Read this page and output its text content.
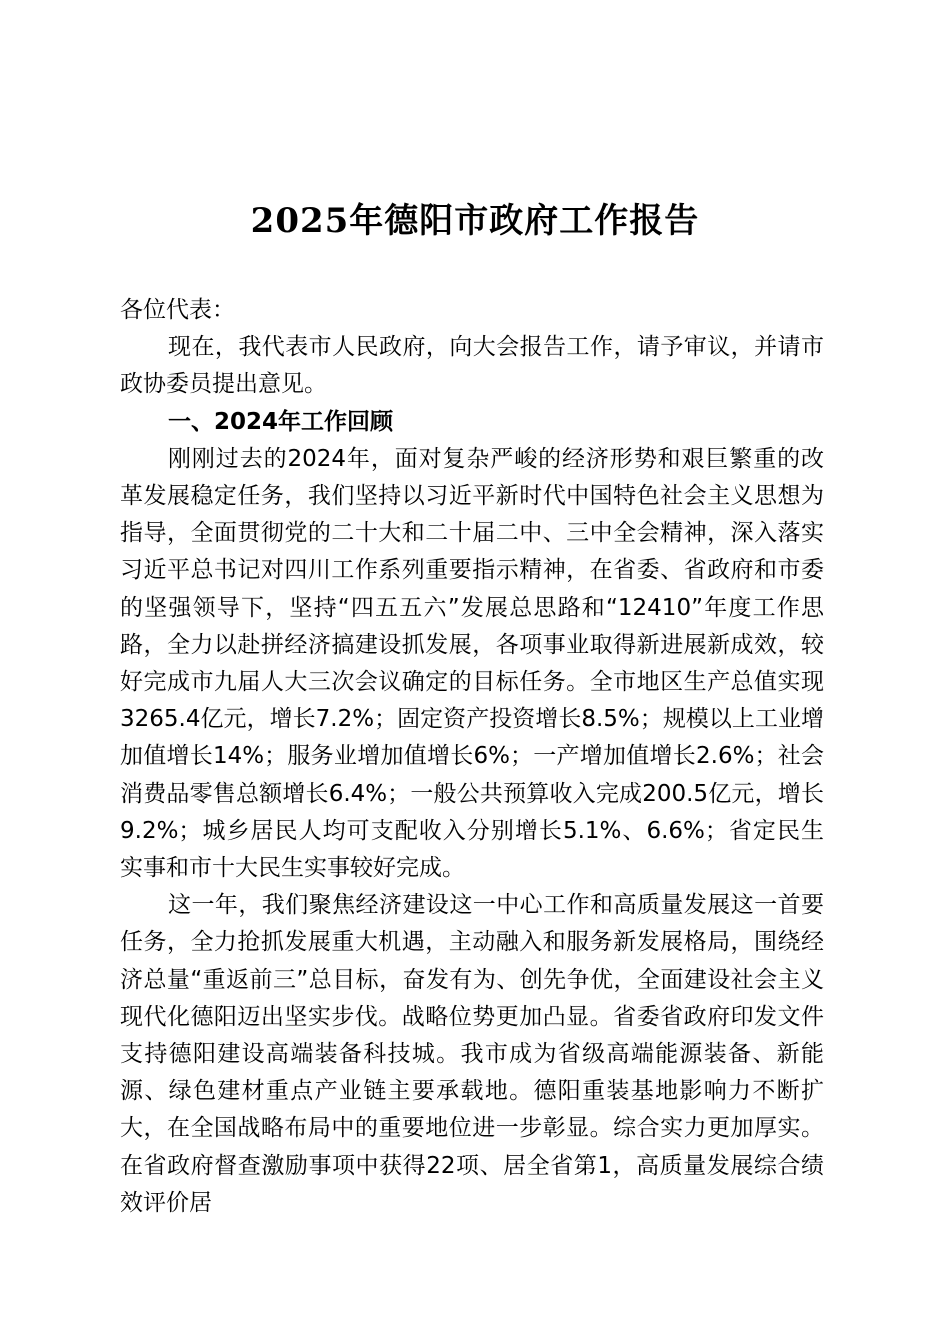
2025年德阳市政府工作报告

各位代表：

现在，我代表市人民政府，向大会报告工作，请予审议，并请市政协委员提出意见。

一、2024年工作回顾

刚刚过去的2024年，面对复杂严峻的经济形势和艰巨繁重的改革发展稳定任务，我们坚持以习近平新时代中国特色社会主义思想为指导，全面贯彻党的二十大和二十届二中、三中全会精神，深入落实习近平总书记对四川工作系列重要指示精神，在省委、省政府和市委的坚强领导下，坚持“四五五六”发展总思路和“12410”年度工作思路，全力以赴拼经济搞建设抓发展，各项事业取得新进展新成效，较好完成市九届人大三次会议确定的目标任务。全市地区生产总值实现3265.4亿元，增长7.2%；固定资产投资增长8.5%；规模以上工业增加值增长14%；服务业增加值增长6%；一产增加值增长2.6%；社会消费品零售总额增长6.4%；一般公共预算收入完成200.5亿元，增长9.2%；城乡居民人均可支配收入分别增长5.1%、6.6%；省定民生实事和市十大民生实事较好完成。

这一年，我们聚焦经济建设这一中心工作和高质量发展这一首要任务，全力抢抓发展重大机遇，主动融入和服务新发展格局，围绕经济总量“重返前三”总目标，奋发有为、创先争优，全面建设社会主义现代化德阳迈出坚实步伐。战略位势更加凸显。省委省政府印发文件支持德阳建设高端装备科技城。我市成为省级高端能源装备、新能源、绿色建材重点产业链主要承载地。德阳重装基地影响力不断扩大，在全国战略布局中的重要地位进一步彰显。综合实力更加厚实。在省政府督查激励事项中获得22项、居全省第1，高质量发展综合绩效评价居
